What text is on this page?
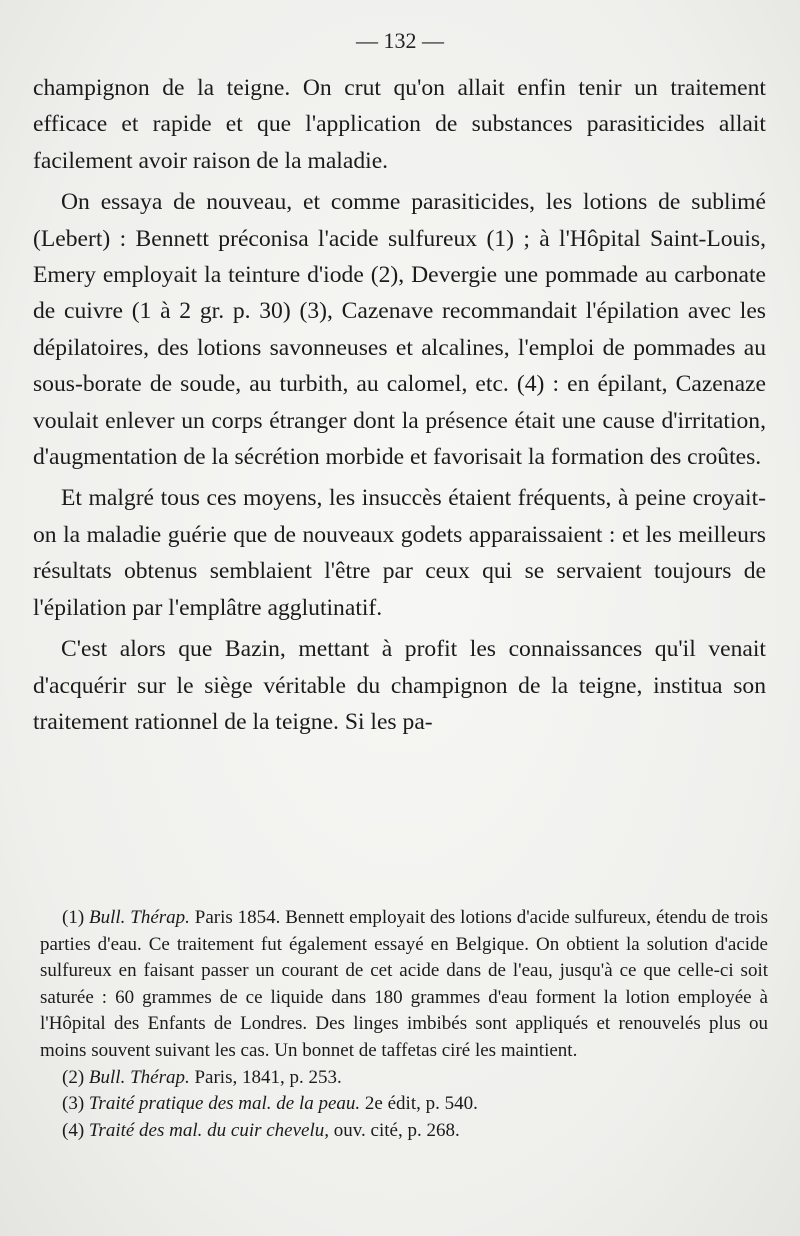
— 132 —

champignon de la teigne. On crut qu'on allait enfin tenir un traitement efficace et rapide et que l'application de substances parasiticides allait facilement avoir raison de la maladie.

On essaya de nouveau, et comme parasiticides, les lotions de sublimé (Lebert) : Bennett préconisa l'acide sulfureux (1) ; à l'Hôpital Saint-Louis, Emery employait la teinture d'iode (2), Devergie une pommade au carbonate de cuivre (1 à 2 gr. p. 30) (3), Cazenave recommandait l'épilation avec les dépilatoires, des lotions savonneuses et alcalines, l'emploi de pommades au sous-borate de soude, au turbith, au calomel, etc. (4) : en épilant, Cazenaze voulait enlever un corps étranger dont la présence était une cause d'irritation, d'augmentation de la sécrétion morbide et favorisait la formation des croûtes.

Et malgré tous ces moyens, les insuccès étaient fréquents, à peine croyait-on la maladie guérie que de nouveaux godets apparaissaient : et les meilleurs résultats obtenus semblaient l'être par ceux qui se servaient toujours de l'épilation par l'emplâtre agglutinatif.

C'est alors que Bazin, mettant à profit les connaissances qu'il venait d'acquérir sur le siège véritable du champignon de la teigne, institua son traitement rationnel de la teigne. Si les pa-

(1) Bull. Thérap. Paris 1854. Bennett employait des lotions d'acide sulfureux, étendu de trois parties d'eau. Ce traitement fut également essayé en Belgique. On obtient la solution d'acide sulfureux en faisant passer un courant de cet acide dans de l'eau, jusqu'à ce que celle-ci soit saturée : 60 grammes de ce liquide dans 180 grammes d'eau forment la lotion employée à l'Hôpital des Enfants de Londres. Des linges imbibés sont appliqués et renouvelés plus ou moins souvent suivant les cas. Un bonnet de taffetas ciré les maintient.

(2) Bull. Thérap. Paris, 1841, p. 253.

(3) Traité pratique des mal. de la peau. 2e édit, p. 540.

(4) Traité des mal. du cuir chevelu, ouv. cité, p. 268.
